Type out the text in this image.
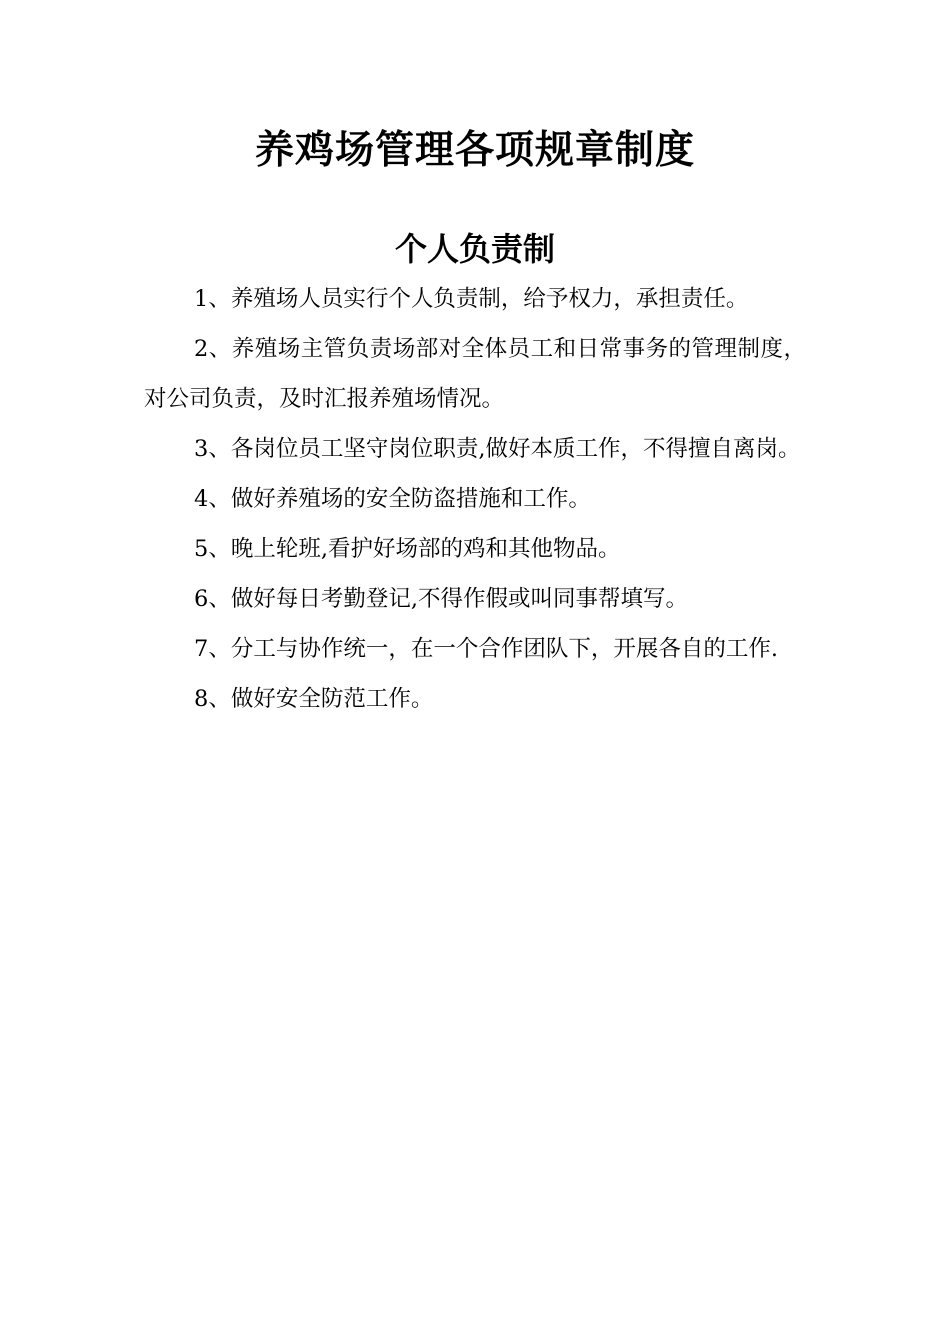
养鸡场管理各项规章制度
个人负责制

1、养殖场人员实行个人负责制，给予权力，承担责任。

2、养殖场主管负责场部对全体员工和日常事务的管理制度，对公司负责，及时汇报养殖场情况。

3、各岗位员工坚守岗位职责,做好本质工作，不得擅自离岗。

4、做好养殖场的安全防盗措施和工作。

5、晚上轮班,看护好场部的鸡和其他物品。

6、做好每日考勤登记,不得作假或叫同事帮填写。

7、分工与协作统一，在一个合作团队下，开展各自的工作.

8、做好安全防范工作。
